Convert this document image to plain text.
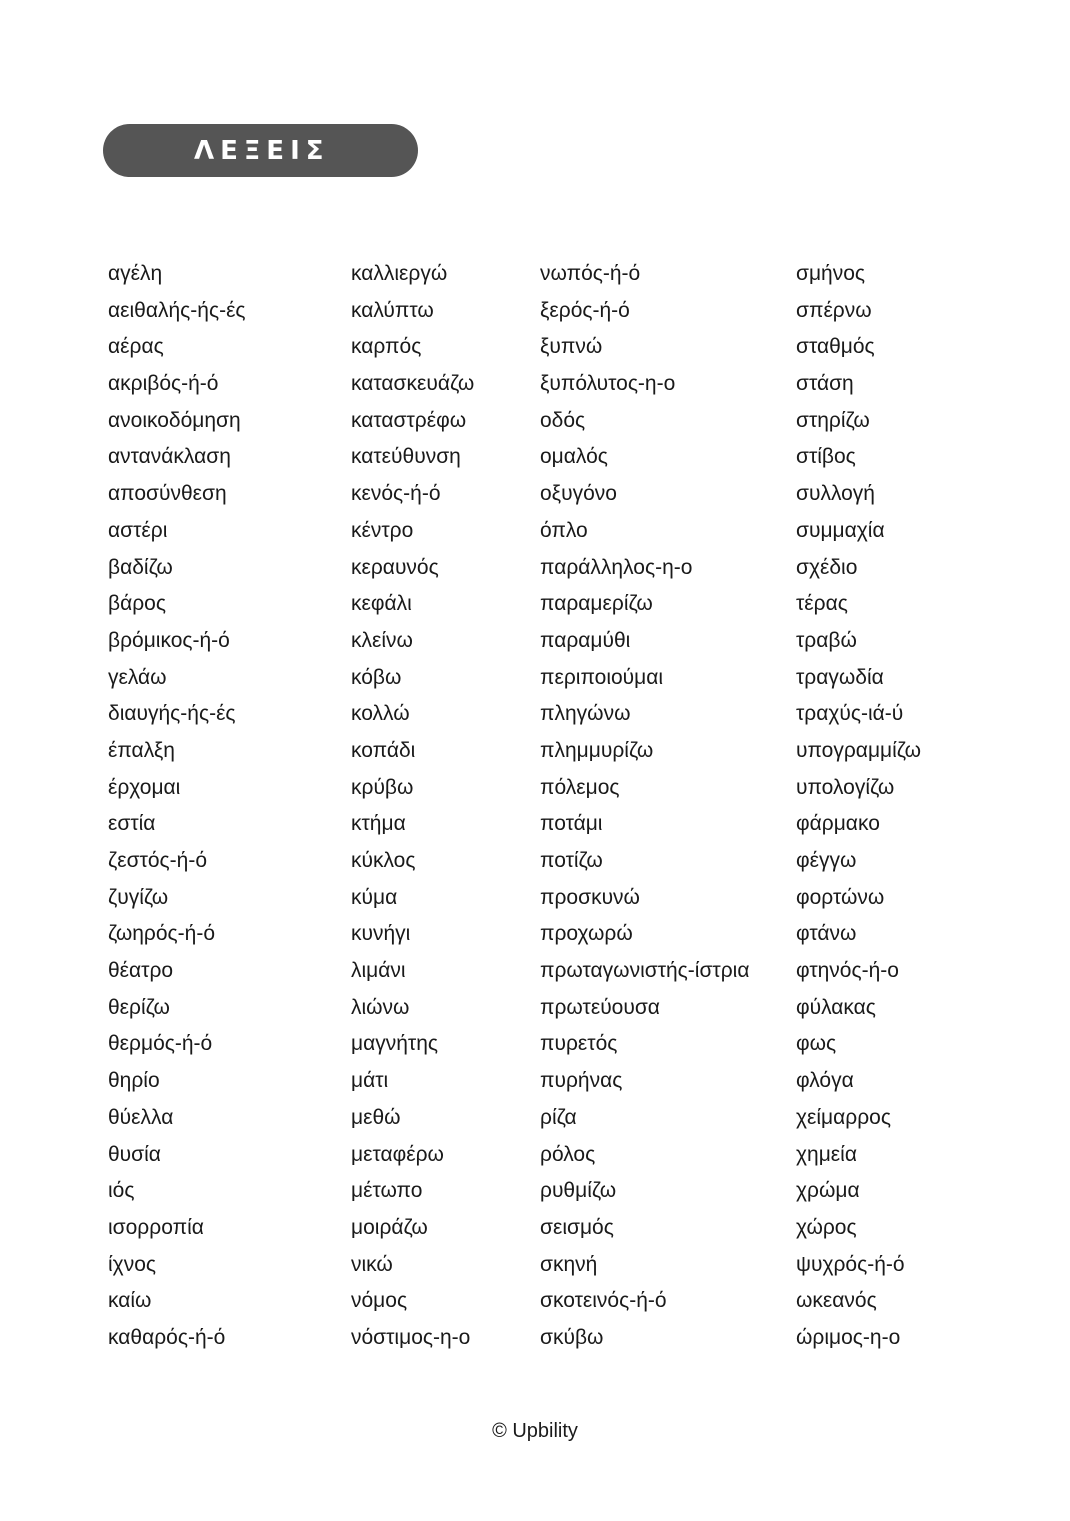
ΛΕΞΕΙΣ
αγέλη
αειθαλής-ής-ές
αέρας
ακριβός-ή-ό
ανοικοδόμηση
αντανάκλαση
αποσύνθεση
αστέρι
βαδίζω
βάρος
βρόμικος-ή-ό
γελάω
διαυγής-ής-ές
έπαλξη
έρχομαι
εστία
ζεστός-ή-ό
ζυγίζω
ζωηρός-ή-ό
θέατρο
θερίζω
θερμός-ή-ό
θηρίο
θύελλα
θυσία
ιός
ισορροπία
ίχνος
καίω
καθαρός-ή-ό
καλλιεργώ
καλύπτω
καρπός
κατασκευάζω
καταστρέφω
κατεύθυνση
κενός-ή-ό
κέντρο
κεραυνός
κεφάλι
κλείνω
κόβω
κολλώ
κοπάδι
κρύβω
κτήμα
κύκλος
κύμα
κυνήγι
λιμάνι
λιώνω
μαγνήτης
μάτι
μεθώ
μεταφέρω
μέτωπο
μοιράζω
νικώ
νόμος
νόστιμος-η-ο
νωπός-ή-ό
ξερός-ή-ό
ξυπνώ
ξυπόλυτος-η-ο
οδός
ομαλός
οξυγόνο
όπλο
παράλληλος-η-ο
παραμερίζω
παραμύθι
περιποιούμαι
πληγώνω
πλημμυρίζω
πόλεμος
ποτάμι
ποτίζω
προσκυνώ
προχωρώ
πρωταγωνιστής-ίστρια
πρωτεύουσα
πυρετός
πυρήνας
ρίζα
ρόλος
ρυθμίζω
σεισμός
σκηνή
σκοτεινός-ή-ό
σκύβω
σμήνος
σπέρνω
σταθμός
στάση
στηρίζω
στίβος
συλλογή
συμμαχία
σχέδιο
τέρας
τραβώ
τραγωδία
τραχύς-ιά-ύ
υπογραμμίζω
υπολογίζω
φάρμακο
φέγγω
φορτώνω
φτάνω
φτηνός-ή-ο
φύλακας
φως
φλόγα
χείμαρρος
χημεία
χρώμα
χώρος
ψυχρός-ή-ό
ωκεανός
ώριμος-η-ο
© Upbility
